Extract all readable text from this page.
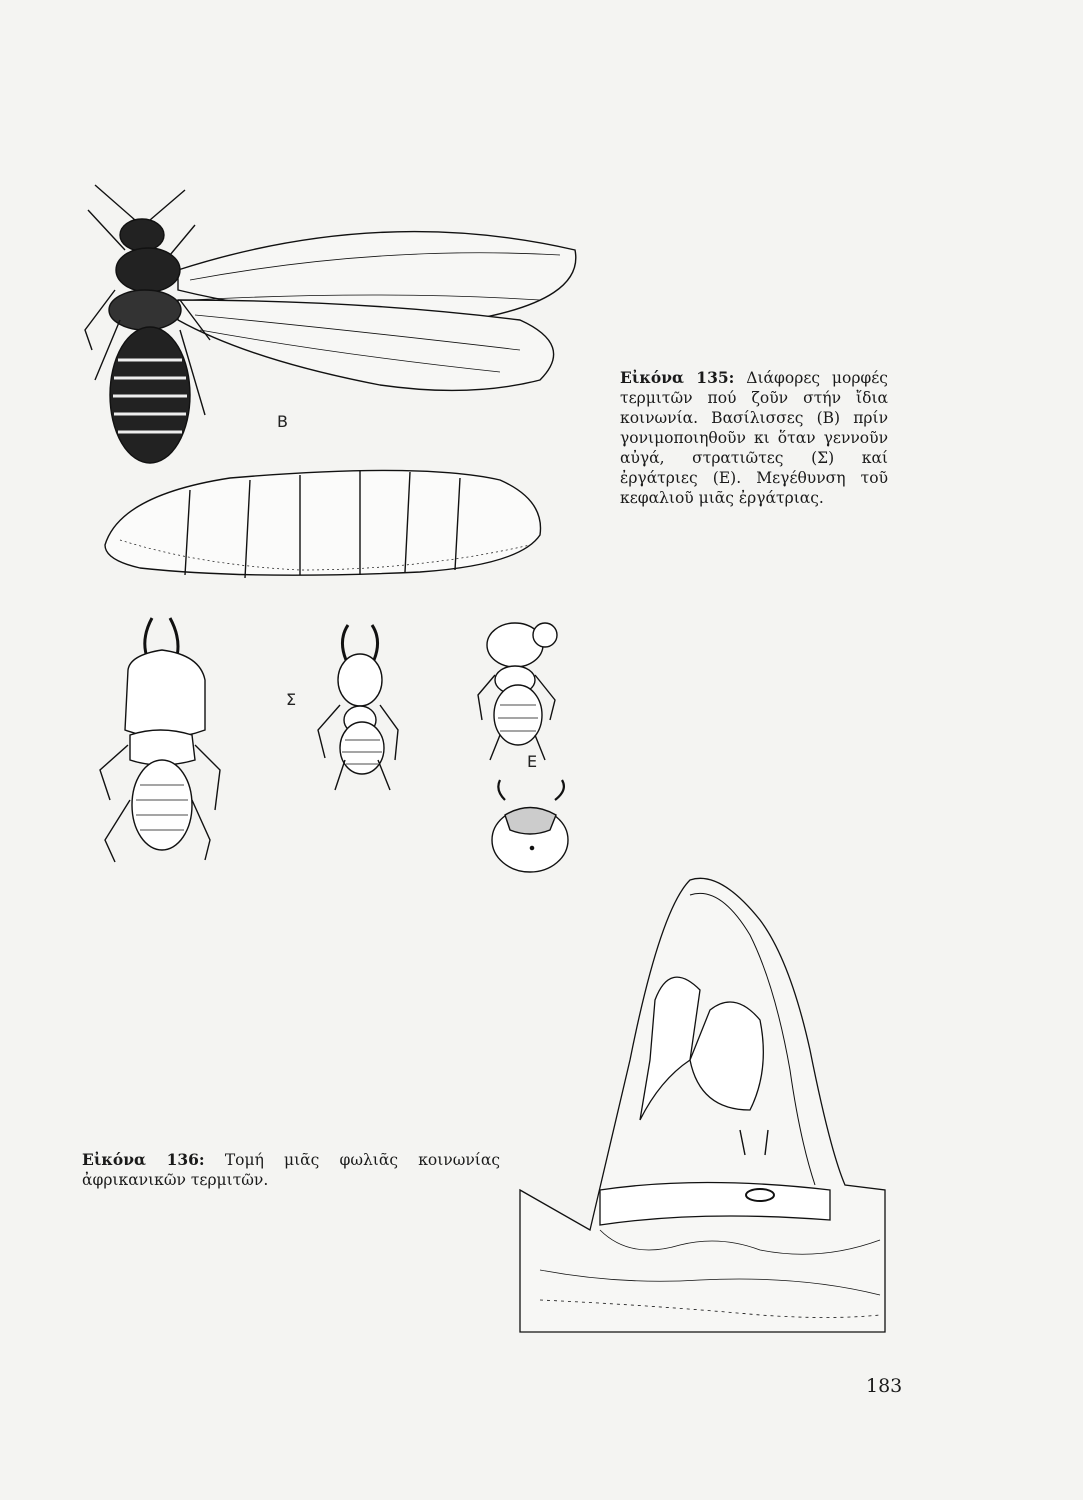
Β
Σ
Ε
Εἰκόνα 135: Διάφορες μορφές τερμιτῶν πού ζοῦν στήν ἴδια κοινωνία. Βασίλισσες (Β) πρίν γονιμοποιηθοῦν κι ὅταν γεννοῦν αὐγά, στρατιῶτες (Σ) καί ἐργάτριες (Ε). Μεγέθυνση τοῦ κεφαλιοῦ μιᾶς ἐργάτριας.
Εἰκόνα 136: Τομή μιᾶς φωλιᾶς κοινωνίας ἀφρικανικῶν τερμιτῶν.
183
